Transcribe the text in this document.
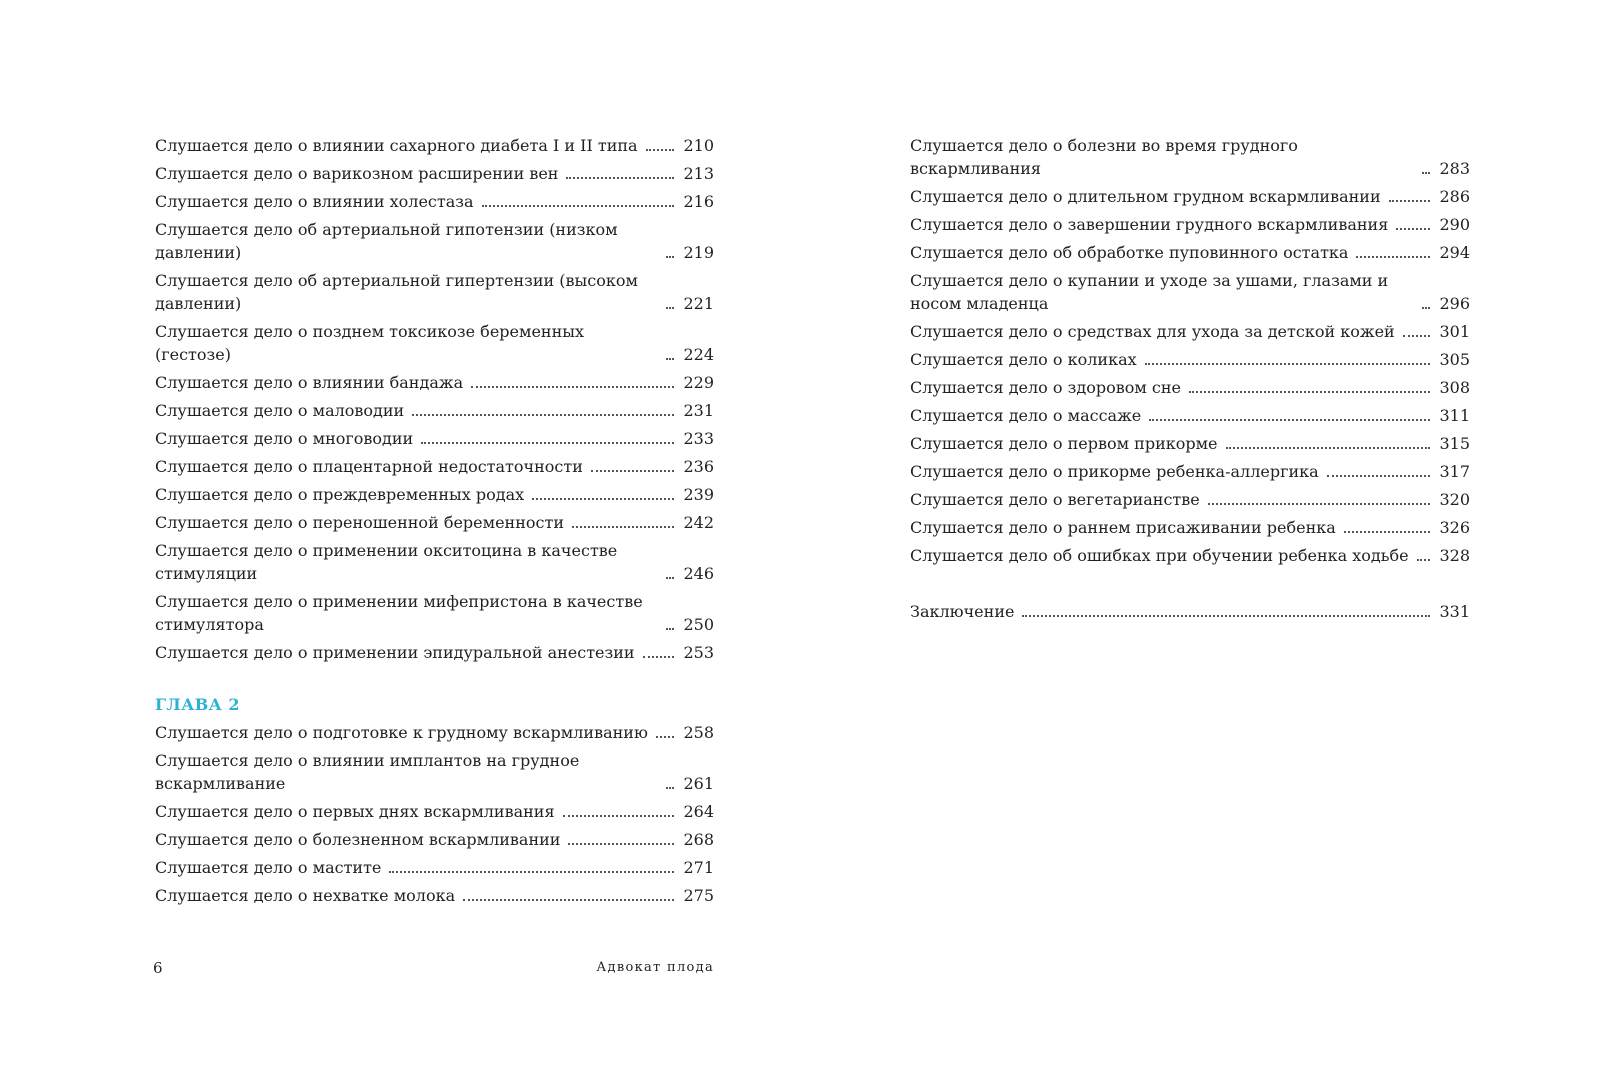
Слушается дело о влиянии сахарного диабета I и II типа	210
Слушается дело о варикозном расширении вен	213
Слушается дело о влиянии холестаза	216
Слушается дело об артериальной гипотензии (низком давлении)	219
Слушается дело об артериальной гипертензии (высоком давлении)	221
Слушается дело о позднем токсикозе беременных (гестозе)	224
Слушается дело о влиянии бандажа	229
Слушается дело о маловодии	231
Слушается дело о многоводии	233
Слушается дело о плацентарной недостаточности	236
Слушается дело о преждевременных родах	239
Слушается дело о переношенной беременности	242
Слушается дело о применении окситоцина в качестве стимуляции	246
Слушается дело о применении мифепристона в качестве стимулятора	250
Слушается дело о применении эпидуральной анестезии	253
ГЛАВА 2
Слушается дело о подготовке к грудному вскармливанию 258
Слушается дело о влиянии имплантов на грудное вскармливание	261
Слушается дело о первых днях вскармливания	264
Слушается дело о болезненном вскармливании	268
Слушается дело о мастите	271
Слушается дело о нехватке молока	275
Слушается дело о болезни во время грудного вскармливания	283
Слушается дело о длительном грудном вскармливании	286
Слушается дело о завершении грудного вскармливания	290
Слушается дело об обработке пуповинного остатка	294
Слушается дело о купании и уходе за ушами, глазами и носом младенца	296
Слушается дело о средствах для ухода за детской кожей	301
Слушается дело о коликах	305
Слушается дело о здоровом сне	308
Слушается дело о массаже	311
Слушается дело о первом прикорме	315
Слушается дело о прикорме ребенка-аллергика	317
Слушается дело о вегетарианстве	320
Слушается дело о раннем присаживании ребенка	326
Слушается дело об ошибках при обучении ребенка ходьбе 328
Заключение	331
6	Адвокат плода
